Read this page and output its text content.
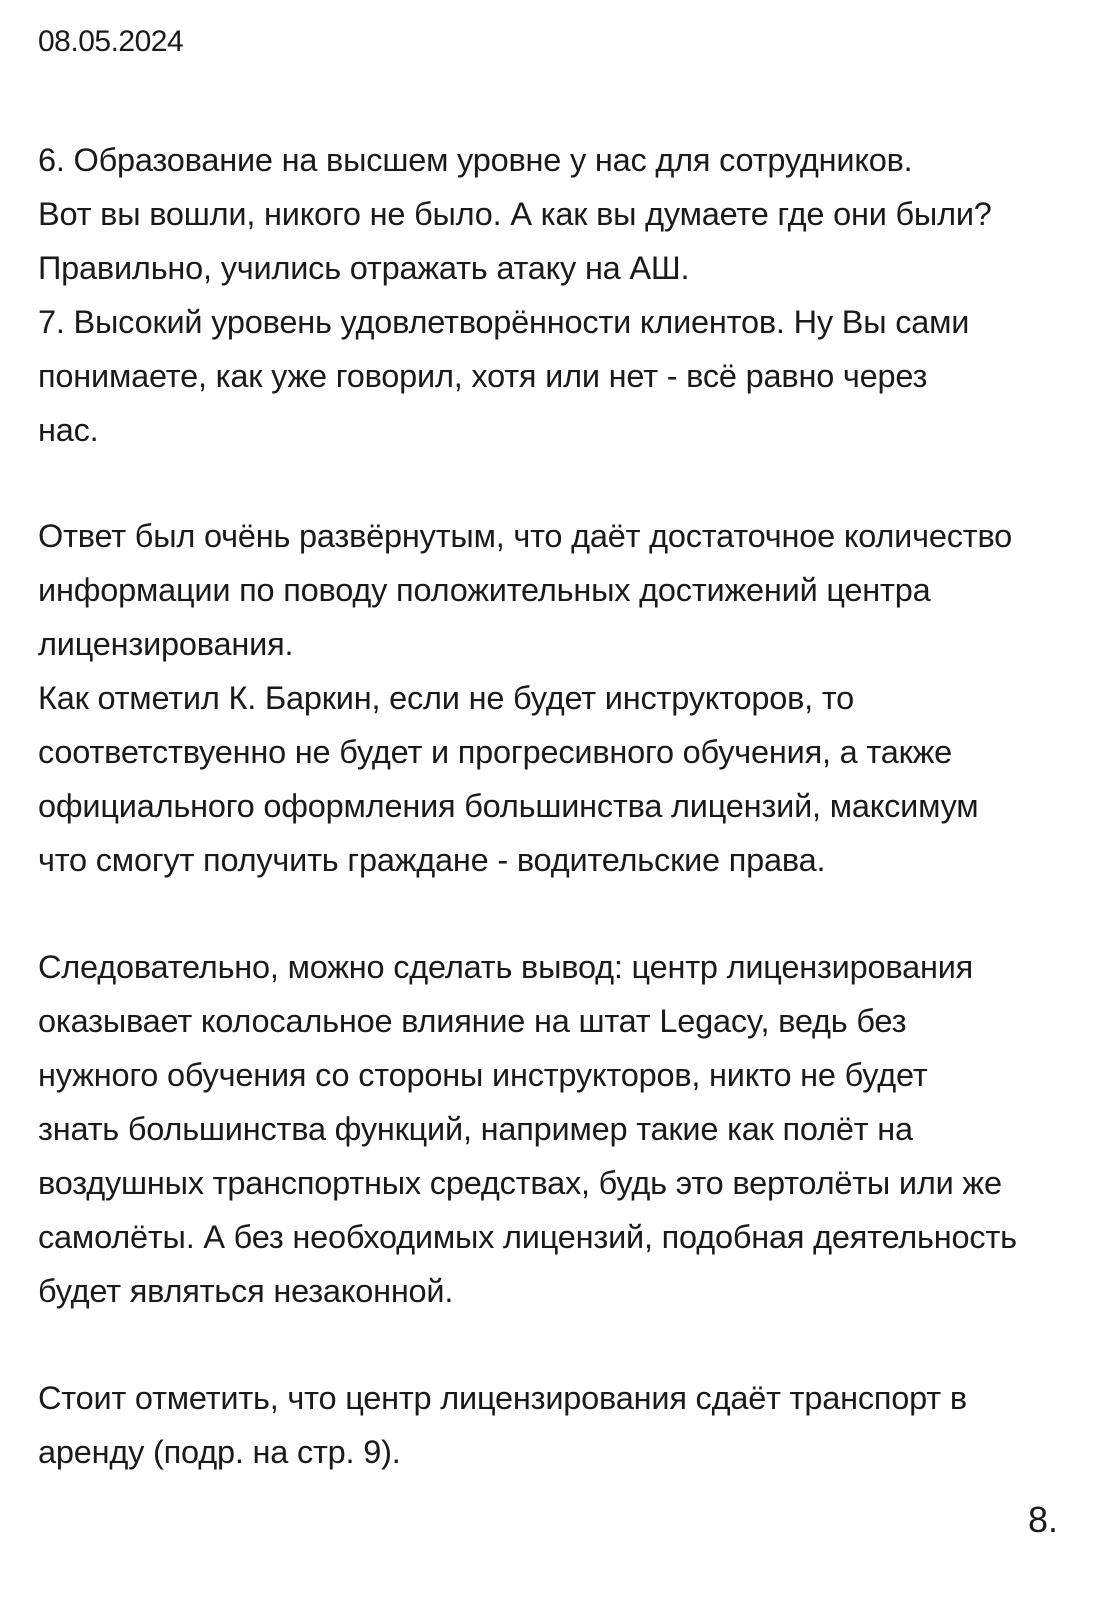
08.05.2024
6. Образование на высшем уровне у нас для сотрудников.
Вот вы вошли, никого не было. А как вы думаете где они были?
Правильно, учились отражать атаку на АШ.
7. Высокий уровень удовлетворённости клиентов. Ну Вы сами
понимаете, как уже говорил, хотя или нет - всё равно через
нас.
Ответ был очёнь развёрнутым, что даёт достаточное количество
информации по поводу положительных достижений центра
лицензирования.
Как отметил К. Баркин, если не будет инструкторов, то
соответствуенно не будет и прогресивного обучения, а также
официального оформления большинства лицензий, максимум
что смогут получить граждане - водительские права.
Следовательно, можно сделать вывод: центр лицензирования
оказывает колосальное влияние на штат Legacy, ведь без
нужного обучения со стороны инструкторов, никто не будет
знать большинства функций, например такие как полёт на
воздушных транспортных средствах, будь это вертолёты или же
самолёты. А без необходимых лицензий, подобная деятельность
будет являться незаконной.
Стоит отметить, что центр лицензирования сдаёт транспорт в
аренду (подр. на стр. 9).
8.
